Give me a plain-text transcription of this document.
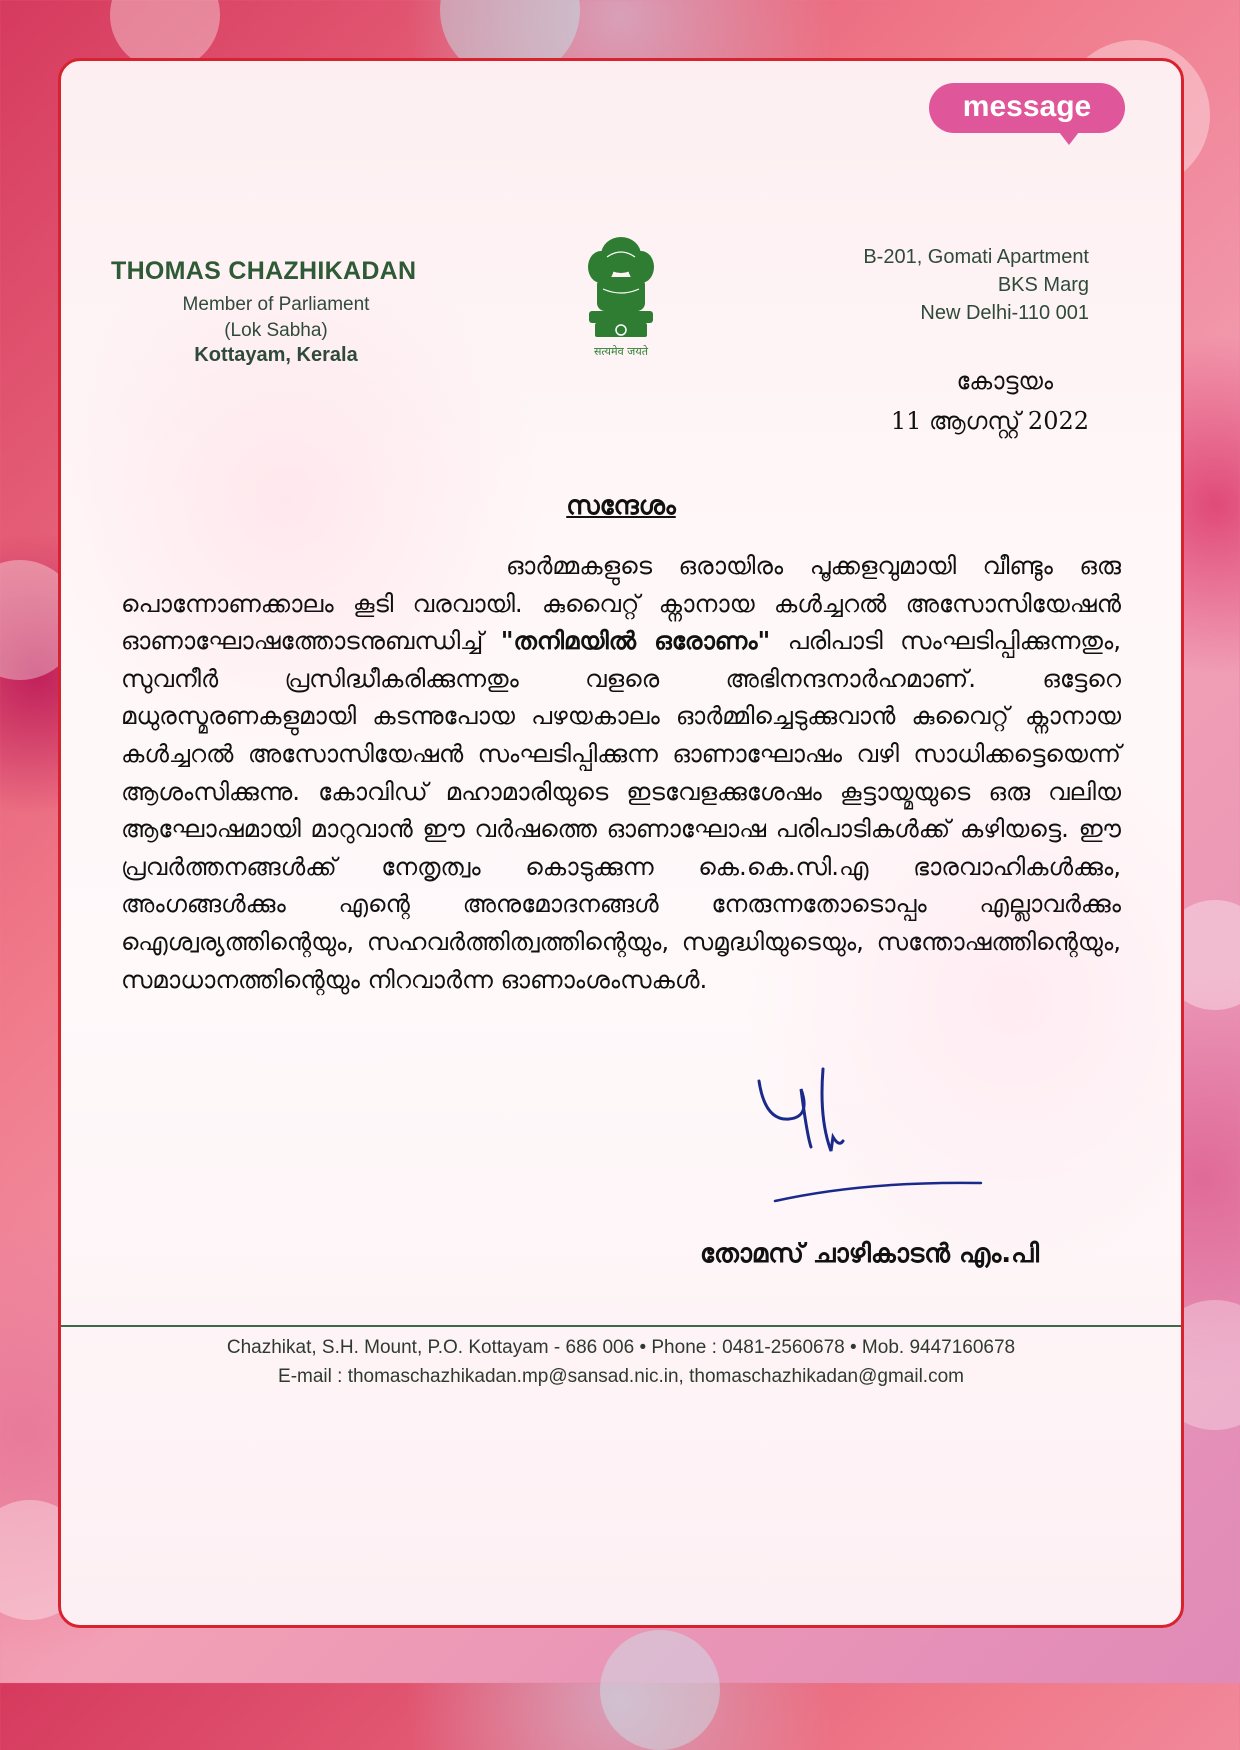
message
THOMAS CHAZHIKADAN
Member of Parliament
(Lok Sabha)
Kottayam, Kerala	सत्यमेव जयते
B-201, Gomati Apartment
BKS Marg
New Delhi-110 001
കോട്ടയം
11 ആഗസ്റ്റ് 2022
സന്ദേശം
ഓർമ്മകളുടെ ഒരായിരം പൂക്കളവുമായി വീണ്ടും ഒരു പൊന്നോണക്കാലം കൂടി വരവായി. കുവൈറ്റ് ക്നാനായ കൾച്ചറൽ അസോസിയേഷൻ ഓണാഘോഷത്തോടനുബന്ധിച്ച് "തനിമയിൽ ഒരോണം" പരിപാടി സംഘടിപ്പിക്കുന്നതും, സുവനീർ പ്രസിദ്ധീകരിക്കുന്നതും വളരെ അഭിനന്ദനാർഹമാണ്. ഒട്ടേറെ മധുരസ്മരണകളുമായി കടന്നുപോയ പഴയകാലം ഓർമ്മിച്ചെടുക്കുവാൻ കുവൈറ്റ് ക്നാനായ കൾച്ചറൽ അസോസിയേഷൻ സംഘടിപ്പിക്കുന്ന ഓണാഘോഷം വഴി സാധിക്കട്ടെയെന്ന് ആശംസിക്കുന്നു. കോവിഡ് മഹാമാരിയുടെ ഇടവേളക്കുശേഷം കൂട്ടായ്മയുടെ ഒരു വലിയ ആഘോഷമായി മാറുവാൻ ഈ വർഷത്തെ ഓണാഘോഷ പരിപാടികൾക്ക് കഴിയട്ടെ. ഈ പ്രവർത്തനങ്ങൾക്ക് നേതൃത്വം കൊടുക്കുന്ന കെ.കെ.സി.എ ഭാരവാഹികൾക്കും, അംഗങ്ങൾക്കും എന്റെ അനുമോദനങ്ങൾ നേരുന്നതോടൊപ്പം എല്ലാവർക്കും ഐശ്വര്യത്തിന്റെയും, സഹവർത്തിത്വത്തിന്റെയും, സമൃദ്ധിയുടെയും, സന്തോഷത്തിന്റെയും, സമാധാനത്തിന്റെയും നിറവാർന്ന ഓണാംശംസകൾ.
തോമസ് ചാഴികാടൻ എം.പി
Chazhikat, S.H. Mount, P.O. Kottayam - 686 006 • Phone : 0481-2560678 • Mob. 9447160678
E-mail : thomaschazhikadan.mp@sansad.nic.in, thomaschazhikadan@gmail.com
